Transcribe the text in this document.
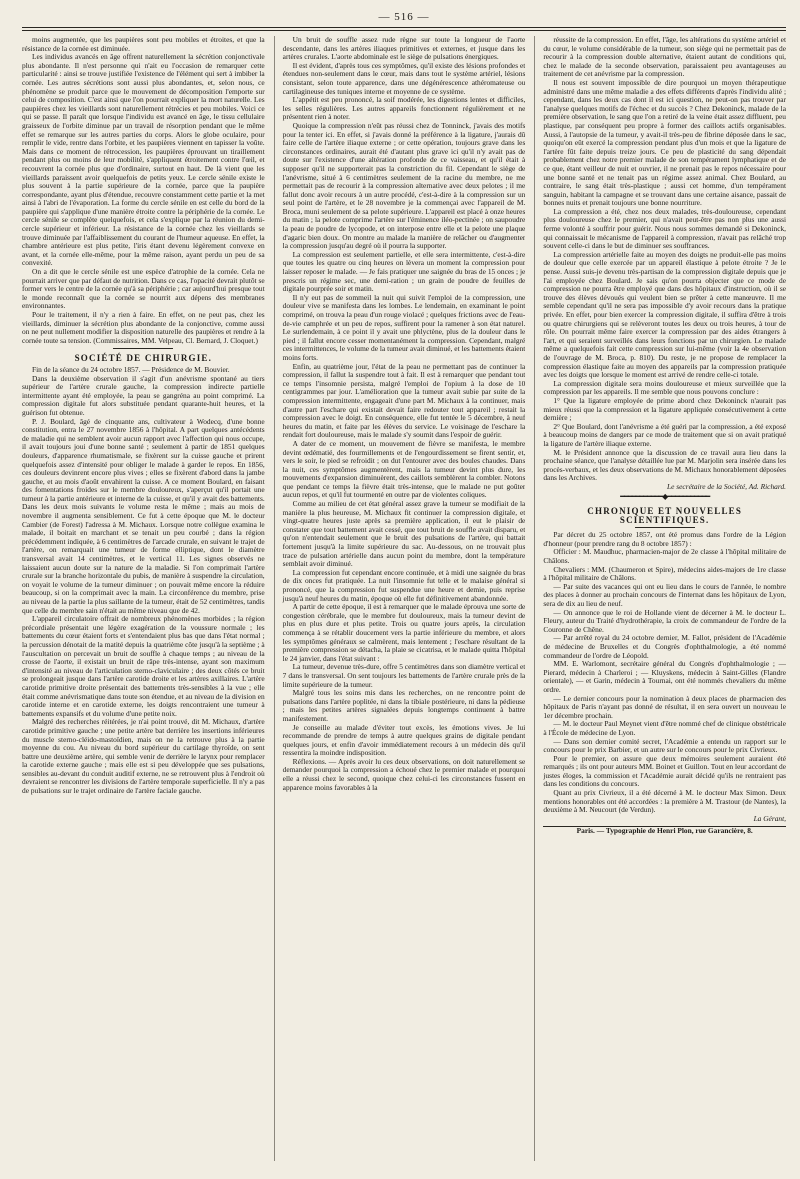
— 516 —

moins augmentée, que les paupières sont peu mobiles et étroites, et que la résistance de la cornée est diminuée.

Les individus avancés en âge offrent naturellement la sécrétion conjonctivale plus abondante. Il n'est personne qui n'ait eu l'occasion de remarquer cette particularité : ainsi se trouve justifiée l'existence de l'élément qui sert à imbiber la cornée. Les autres sécrétions sont aussi plus abondantes, et, selon nous, ce phénomène se produit parce que le mouvement de décomposition l'emporte sur celui de composition. C'est ainsi que l'on pourrait expliquer la mort naturelle. Les paupières chez les vieillards sont naturellement rétrécies et peu mobiles. Voici ce qui se passe. Il paraît que lorsque l'individu est avancé en âge, le tissu cellulaire graisseux de l'orbite diminue par un travail de résorption pendant que le même effet se remarque sur les autres parties du corps. Alors le globe oculaire, pour remplir le vide, rentre dans l'orbite, et les paupières viennent en tapisser la voûte. Mais dans ce moment de rétrocession, les paupières éprouvant un tiraillement pendant plus ou moins de leur mobilité, s'appliquent étroitement contre l'œil, et recouvrent la cornée plus que d'ordinaire, surtout en haut. De là vient que les vieillards paraissent avoir quelquefois de petits yeux. Le cercle sénile existe le plus souvent à la partie supérieure de la cornée, parce que la paupière correspondante, ayant plus d'étendue, recouvre constamment cette partie et la met ainsi à l'abri de l'évaporation. La forme du cercle sénile en est celle du bord de la paupière qui s'applique d'une manière étroite contre la périphérie de la cornée. Le cercle sénile se complète quelquefois, et cela s'explique par la réunion du demi-cercle supérieur et inférieur. La résistance de la cornée chez les vieillards se trouve diminuée par l'affaiblissement du courant de l'humeur aqueuse. En effet, la chambre antérieure est plus petite, l'iris étant devenu légèrement convexe en avant, et la cornée elle-même, pour la même raison, ayant perdu un peu de sa convexité.

On a dit que le cercle sénile est une espèce d'atrophie de la cornée. Cela ne pourrait arriver que par défaut de nutrition. Dans ce cas, l'opacité devrait plutôt se former vers le centre de la cornée qu'à sa périphérie ; car aujourd'hui presque tout le monde reconnaît que la cornée se nourrit aux dépens des membranes environnantes.

Pour le traitement, il n'y a rien à faire. En effet, on ne peut pas, chez les vieillards, diminuer la sécrétion plus abondante de la conjonctive, comme aussi on ne peut nullement modifier la disposition naturelle des paupières et rendre à la cornée toute sa tension. (Commissaires, MM. Velpeau, Cl. Bernard, J. Cloquet.)

SOCIÉTÉ DE CHIRURGIE.

Fin de la séance du 24 octobre 1857. — Présidence de M. Bouvier.

Dans la deuxième observation il s'agit d'un anévrisme spontané au tiers supérieur de l'artère crurale gauche, la compression indirecte partielle intermittente ayant été employée, la peau se gangréna au point comprimé. La compression digitale fut alors substituée pendant quarante-huit heures, et la guérison fut obtenue.

P. J. Boulard, âgé de cinquante ans, cultivateur à Wodecq, d'une bonne constitution, entra le 27 novembre 1856 à l'hôpital. A part quelques antécédents de maladie qui ne semblent avoir aucun rapport avec l'affection qui nous occupe, il avait toujours joui d'une bonne santé ; seulement à partir de 1851 quelques douleurs, d'apparence rhumatismale, se fixèrent sur la cuisse gauche et prirent quelquefois assez d'intensité pour obliger le malade à garder le repos. En 1856, ces douleurs devinrent encore plus vives ; elles se fixèrent d'abord dans la jambe gauche, et au mois d'août envahirent la cuisse. A ce moment Boulard, en faisant des fomentations froides sur le membre douloureux, s'aperçut qu'il portait une tumeur à la partie antérieure et interne de la cuisse, et qu'il y avait des battements. Dans les deux mois suivants le volume resta le même ; mais au mois de novembre il augmenta sensiblement. Ce fut à cette époque que M. le docteur Cambier (de Forest) l'adressa à M. Michaux. Lorsque notre collègue examina le malade, il boitait en marchant et se tenait un peu courbé ; dans la région précédemment indiquée, à 6 centimètres de l'arcade crurale, en suivant le trajet de l'artère, on remarquait une tumeur de forme elliptique, dont le diamètre transversal avait 14 centimètres, et le vertical 11. Les signes observés ne laissaient aucun doute sur la nature de la maladie. Si l'on comprimait l'artère crurale sur la branche horizontale du pubis, de manière à suspendre la circulation, on voyait le volume de la tumeur diminuer ; on pouvait même encore la réduire beaucoup, si on la comprimait avec la main. La circonférence du membre, prise au niveau de la partie la plus saillante de la tumeur, était de 52 centimètres, tandis que celle du membre sain n'était au même niveau que de 42.

L'appareil circulatoire offrait de nombreux phénomènes morbides ; la région précordiale présentait une légère exagération de la voussure normale ; les battements du cœur étaient forts et s'entendaient plus bas que dans l'état normal ; la percussion dénotait de la matité depuis la quatrième côte jusqu'à la septième ; à l'auscultation on percevait un bruit de souffle à chaque temps ; au niveau de la crosse de l'aorte, il existait un bruit de râpe très-intense, ayant son maximum d'intensité au niveau de l'articulation sterno-claviculaire ; des deux côtés ce bruit se prolongeait jusque dans l'artère carotide droite et les artères axillaires. L'artère carotide primitive droite présentait des battements très-sensibles à la vue ; elle était comme anévrismatique dans toute son étendue, et au niveau de la division en carotide interne et en carotide externe, les doigts rencontraient une tumeur à battements expansifs et du volume d'une petite noix.

Malgré des recherches réitérées, je n'ai point trouvé, dit M. Michaux, d'artère carotide primitive gauche ; une petite artère bat derrière les insertions inférieures du muscle sterno-cléido-mastoïdien, mais on ne la retrouve plus à la partie moyenne du cou. Au niveau du bord supérieur du cartilage thyroïde, on sent battre une deuxième artère, qui semble venir de derrière le larynx pour remplacer la carotide externe gauche ; mais elle est si peu développée que ses pulsations, sensibles au-devant du conduit auditif externe, ne se retrouvent plus à l'endroit où devraient se rencontrer les divisions de l'artère temporale superficielle. Il n'y a pas de pulsations sur le trajet ordinaire de l'artère faciale gauche.

Un bruit de souffle assez rude règne sur toute la longueur de l'aorte descendante, dans les artères iliaques primitives et externes, et jusque dans les artères crurales. L'aorte abdominale est le siège de pulsations énergiques.

Il est évident, d'après tous ces symptômes, qu'il existe des lésions profondes et étendues non-seulement dans le cœur, mais dans tout le système artériel, lésions consistant, selon toute apparence, dans une dégénérescence athéromateuse ou cartilagineuse des tuniques interne et moyenne de ce système.

L'appétit est peu prononcé, la soif modérée, les digestions lentes et difficiles, les selles régulières. Les autres appareils fonctionnent régulièrement et ne présentent rien à noter.

Quoique la compression n'eût pas réussi chez de Tonninck, j'avais des motifs pour la tenter ici. En effet, si j'avais donné la préférence à la ligature, j'aurais dû faire celle de l'artère iliaque externe ; or cette opération, toujours grave dans les circonstances ordinaires, aurait été d'autant plus grave ici qu'il n'y avait pas de doute sur l'existence d'une altération profonde de ce vaisseau, et qu'il était à supposer qu'il ne supporterait pas la constriction du fil. Cependant le siège de l'anévrisme, situé à 6 centimètres seulement de la racine du membre, ne me permettait pas de recourir à la compression alternative avec deux pelotes ; il me fallut donc avoir recours à un autre procédé, c'est-à-dire à la compression sur un seul point de l'artère, et le 28 novembre je la commençai avec l'appareil de M. Broca, muni seulement de sa pelote supérieure. L'appareil est placé à onze heures du matin ; la pelote comprime l'artère sur l'éminence iléo-pectinée ; on saupoudre la peau de poudre de lycopode, et on interpose entre elle et la pelote une plaque d'agaric bien doux. On montre au malade la manière de relâcher ou d'augmenter la compression jusqu'au degré où il pourra la supporter.

La compression est seulement partielle, et elle sera intermittente, c'est-à-dire que toutes les quatre ou cinq heures on lèvera un moment la compression pour laisser reposer le malade. — Je fais pratiquer une saignée du bras de 15 onces ; je prescris un régime sec, une demi-ration ; un grain de poudre de feuilles de digitale pourprée soir et matin.

Il n'y eut pas de sommeil la nuit qui suivit l'emploi de la compression, une douleur vive se manifesta dans les lombes. Le lendemain, en examinant le point comprimé, on trouva la peau d'un rouge violacé ; quelques frictions avec de l'eau-de-vie camphrée et un peu de repos, suffirent pour la ramener à son état naturel. Le surlendemain, à ce point il y avait une phlyctène, plus de la douleur dans le pied ; il fallut encore cesser momentanément la compression. Cependant, malgré ces intermittences, le volume de la tumeur avait diminué, et les battements étaient moins forts.

Enfin, au quatrième jour, l'état de la peau ne permettant pas de continuer la compression, il fallut la suspendre tout à fait. Il est à remarquer que pendant tout ce temps l'insomnie persista, malgré l'emploi de l'opium à la dose de 10 centigrammes par jour. L'amélioration que la tumeur avait subie par suite de la compression intermittente, engageait d'une part M. Michaux à la continuer, mais d'autre part l'eschare qui existait devait faire redouter tout appareil ; restait la compression avec le doigt. En conséquence, elle fut tentée le 5 décembre, à neuf heures du matin, et faite par les élèves du service. Le voisinage de l'eschare la rendait fort douloureuse, mais le malade s'y soumit dans l'espoir de guérir.

A dater de ce moment, un mouvement de fièvre se manifesta, le membre devint œdématié, des fourmillements et de l'engourdissement se firent sentir, et, vers le soir, le pied se refroidit ; on dut l'entourer avec des boules chaudes. Dans la nuit, ces symptômes augmentèrent, mais la tumeur devint plus dure, les mouvements d'expansion diminuèrent, des caillots semblèrent la combler. Notons que pendant ce temps la fièvre était très-intense, que le malade ne put goûter aucun repos, et qu'il fut tourmenté en outre par de violentes coliques.

Comme au milieu de cet état général assez grave la tumeur se modifiait de la manière la plus heureuse, M. Michaux fit continuer la compression digitale, et vingt-quatre heures juste après sa première application, il eut le plaisir de constater que tout battement avait cessé, que tout bruit de souffle avait disparu, et qu'on n'entendait seulement que le bruit des pulsations de l'artère, qui battait fortement jusqu'à la limite supérieure du sac. Au-dessous, on ne trouvait plus trace de pulsation artérielle dans aucun point du membre, dont la température semblait avoir diminué.

La compression fut cependant encore continuée, et à midi une saignée du bras de dix onces fut pratiquée. La nuit l'insomnie fut telle et le malaise général si prononcé, que la compression fut suspendue une heure et demie, puis reprise jusqu'à neuf heures du matin, époque où elle fut définitivement abandonnée.

A partir de cette époque, il est à remarquer que le malade éprouva une sorte de congestion cérébrale, que le membre fut douloureux, mais la tumeur devint de plus en plus dure et plus petite. Trois ou quatre jours après, la circulation commença à se rétablir doucement vers la partie inférieure du membre, et alors les symptômes généraux se calmèrent, mais lentement ; l'eschare résultant de la première compression se détacha, la plaie se cicatrisa, et le malade quitta l'hôpital le 24 janvier, dans l'état suivant :

La tumeur, devenue très-dure, offre 5 centimètres dans son diamètre vertical et 7 dans le transversal. On sent toujours les battements de l'artère crurale près de la limite supérieure de la tumeur.

Malgré tous les soins mis dans les recherches, on ne rencontre point de pulsations dans l'artère poplitée, ni dans la tibiale postérieure, ni dans la pédieuse ; mais les petites artères signalées depuis longtemps continuent à battre manifestement.

Je conseille au malade d'éviter tout excès, les émotions vives. Je lui recommande de prendre de temps à autre quelques grains de digitale pendant quelques jours, et enfin d'avoir immédiatement recours à un médecin dès qu'il ressentira la moindre indisposition.

Réflexions. — Après avoir lu ces deux observations, on doit naturellement se demander pourquoi la compression a échoué chez le premier malade et pourquoi elle a réussi chez le second, quoique chez celui-ci les circonstances fussent en apparence moins favorables à la

réussite de la compression. En effet, l'âge, les altérations du système artériel et du cœur, le volume considérable de la tumeur, son siège qui ne permettait pas de recourir à la compression double alternative, étaient autant de conditions qui, chez le malade de la seconde observation, paraissaient peu avantageuses au traitement de cet anévrisme par la compression.

Il nous est souvent impossible de dire pourquoi un moyen thérapeutique administré dans une même maladie a des effets différents d'après l'individu alité ; cependant, dans les deux cas dont il est ici question, ne peut-on pas trouver par l'analyse quelques motifs de l'échec et du succès ? Chez Dekoninck, malade de la première observation, le sang que l'on a retiré de la veine était assez diffluent, peu plastique, par conséquent peu propre à former des caillots actifs organisables. Aussi, à l'autopsie de la tumeur, y avait-il très-peu de fibrine déposée dans le sac, quoiqu'on eût exercé la compression pendant plus d'un mois et que la ligature de l'artère fût faite depuis treize jours. Ce peu de plasticité du sang dépendait probablement chez notre premier malade de son tempérament lymphatique et de ce que, étant veilleur de nuit et ouvrier, il ne prenait pas le repos nécessaire pour une bonne santé et ne tenait pas un régime assez animal. Chez Boulard, au contraire, le sang était très-plastique ; aussi cet homme, d'un tempérament sanguin, habitant la campagne et se trouvant dans une certaine aisance, passait de bonnes nuits et prenait toujours une bonne nourriture.

La compression a été, chez nos deux malades, très-douloureuse, cependant plus douloureuse chez le premier, qui n'avait peut-être pas non plus une aussi ferme volonté à souffrir pour guérir. Nous nous sommes demandé si Dekoninck, qui connaissait le mécanisme de l'appareil à compression, n'avait pas relâché trop souvent celle-ci dans le but de diminuer ses souffrances.

La compression artérielle faite au moyen des doigts ne produit-elle pas moins de douleur que celle exercée par un appareil élastique à pelote étroite ? Je le pense. Aussi suis-je devenu très-partisan de la compression digitale depuis que je l'ai employée chez Boulard. Je sais qu'on pourra objecter que ce mode de compression ne pourra être employé que dans des hôpitaux d'instruction, où il se trouve des élèves dévoués qui veulent bien se prêter à cette manœuvre. Il me semble cependant qu'il ne sera pas impossible d'y avoir recours dans la pratique privée. En effet, pour bien exercer la compression digitale, il suffira d'être à trois ou quatre chirurgiens qui se relèveront toutes les deux ou trois heures, à tour de rôle. On pourrait même faire exercer la compression par des aides étrangers à l'art, et qui seraient surveillés dans leurs fonctions par un chirurgien. Le malade même a quelquefois fait cette compression sur lui-même (voir la 4e observation de l'ouvrage de M. Broca, p. 810). Du reste, je ne propose de remplacer la compression élastique faite au moyen des appareils par la compression pratiquée avec les doigts que lorsque le moment est arrivé de rendre celle-ci totale.

La compression digitale sera moins douloureuse et mieux surveillée que la compression par les appareils. Il me semble que nous pouvons conclure :

1° Que la ligature employée de prime abord chez Dekoninck n'aurait pas mieux réussi que la compression et la ligature appliquée consécutivement à cette dernière ;

2° Que Boulard, dont l'anévrisme a été guéri par la compression, a été exposé à beaucoup moins de dangers par ce mode de traitement que si on avait pratiqué la ligature de l'artère iliaque externe.

M. le Président annonce que la discussion de ce travail aura lieu dans la prochaine séance, que l'analyse détaillée lue par M. Marjolin sera insérée dans les procès-verbaux, et les deux observations de M. Michaux honorablement déposées dans les Archives.

Le secrétaire de la Société, Ad. Richard.

━━━━━━━━━━━◆━━━━━━━━━━━
CHRONIQUE ET NOUVELLES SCIENTIFIQUES.

Par décret du 25 octobre 1857, ont été promus dans l'ordre de la Légion d'honneur (pour prendre rang du 8 octobre 1857) :

Officier : M. Maudhuc, pharmacien-major de 2e classe à l'hôpital militaire de Châlons.

Chevaliers : MM. (Chaumeron et Spire), médecins aides-majors de 1re classe à l'hôpital militaire de Châlons.

— Par suite des vacances qui ont eu lieu dans le cours de l'année, le nombre des places à donner au prochain concours de l'internat dans les hôpitaux de Lyon, sera de dix au lieu de neuf.

— On annonce que le roi de Hollande vient de décerner à M. le docteur L. Fleury, auteur du Traité d'hydrothérapie, la croix de commandeur de l'ordre de la Couronne de Chêne.

— Par arrêté royal du 24 octobre dernier, M. Fallot, président de l'Académie de médecine de Bruxelles et du Congrès d'ophthalmologie, a été nommé commandeur de l'ordre de Léopold.

MM. E. Warlomont, secrétaire général du Congrès d'ophthalmologie ; — Pierard, médecin à Charleroi ; — Kluyskens, médecin à Saint-Gilles (Flandre orientale), — et Garin, médecin à Tournai, ont été nommés chevaliers du même ordre.

— Le dernier concours pour la nomination à deux places de pharmacien des hôpitaux de Paris n'ayant pas donné de résultat, il en sera ouvert un nouveau le 1er décembre prochain.

— M. le docteur Paul Meynet vient d'être nommé chef de clinique obstétricale à l'École de médecine de Lyon.

— Dans son dernier comité secret, l'Académie a entendu un rapport sur le concours pour le prix Barbier, et un autre sur le concours pour le prix Civrieux.

Pour le premier, on assure que deux mémoires seulement auraient été remarqués ; ils ont pour auteurs MM. Boinet et Guillon. Tout en leur accordant de justes éloges, la commission et l'Académie aurait décidé qu'ils ne rentraient pas dans les conditions du concours.

Quant au prix Civrieux, il a été décerné à M. le docteur Max Simon. Deux mentions honorables ont été accordées : la première à M. Trastour (de Nantes), la deuxième à M. Neucourt (de Verdun).

La Gérant,

Paris. — Typographie de Henri Plon, rue Garancière, 8.
